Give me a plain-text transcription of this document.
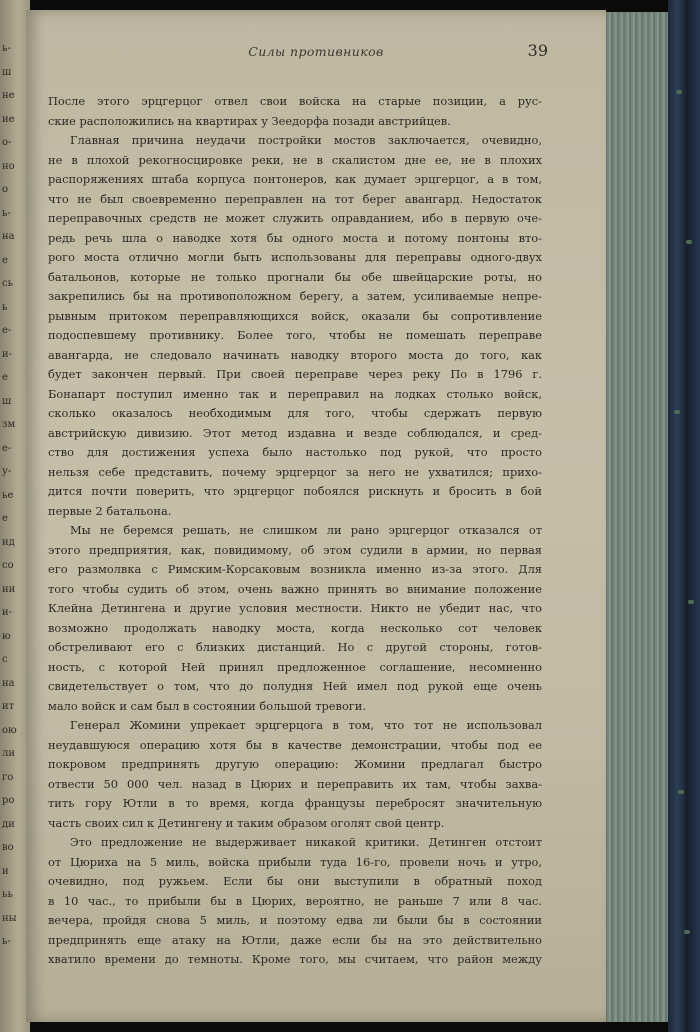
ь-
ш
не
ие
о-
но
о
ь-
на
е
сь
ь
е-
и-
е
ш
зм
е-
у-
ье
е
ид
со
ни
и-
ю
с
на
ит
ою
ли
го
ро
ди
во
и
ьь
ны
ь-
Силы противников	39
После этого эрцгерцог отвел свои войска на старые позиции, а рус-
ские расположились на квартирах у Зеедорфа позади австрийцев.
Главная причина неудачи постройки мостов заключается, очевидно,
не в плохой рекогносцировке реки, не в скалистом дне ее, не в плохих
распоряжениях штаба корпуса понтонеров, как думает эрцгерцог, а в том,
что не был своевременно переправлен на тот берег авангард. Недостаток
переправочных средств не может служить оправданием, ибо в первую оче-
редь речь шла о наводке хотя бы одного моста и потому понтоны вто-
рого моста отлично могли быть использованы для переправы одного-двух
батальонов, которые не только прогнали бы обе швейцарские роты, но
закрепились бы на противоположном берегу, а затем, усиливаемые непре-
рывным притоком переправляющихся войск, оказали бы сопротивление
подоспевшему противнику. Более того, чтобы не помешать переправе
авангарда, не следовало начинать наводку второго моста до того, как
будет закончен первый. При своей переправе через реку По в 1796 г.
Бонапарт поступил именно так и переправил на лодках столько войск,
сколько оказалось необходимым для того, чтобы сдержать первую
австрийскую дивизию. Этот метод издавна и везде соблюдался, и сред-
ство для достижения успеха было настолько под рукой, что просто
нельзя себе представить, почему эрцгерцог за него не ухватился; прихо-
дится почти поверить, что эрцгерцог побоялся рискнуть и бросить в бой
первые 2 батальона.
Мы не беремся решать, не слишком ли рано эрцгерцог отказался от
этого предприятия, как, повидимому, об этом судили в армии, но первая
его размолвка с Римским-Корсаковым возникла именно из-за этого. Для
того чтобы судить об этом, очень важно принять во внимание положение
Клейна Детингена и другие условия местности. Никто не убедит нас, что
возможно продолжать наводку моста, когда несколько сот человек
обстреливают его с близких дистанций. Но с другой стороны, готов-
ность, с которой Ней принял предложенное соглашение, несомненно
свидетельствует о том, что до полудня Ней имел под рукой еще очень
мало войск и сам был в состоянии большой тревоги.
Генерал Жомини упрекает эрцгерцога в том, что тот не использовал
неудавшуюся операцию хотя бы в качестве демонстрации, чтобы под ее
покровом предпринять другую операцию: Жомини предлагал быстро
отвести 50 000 чел. назад в Цюрих и переправить их там, чтобы захва-
тить гору Ютли в то время, когда французы перебросят значительную
часть своих сил к Детингену и таким образом оголят свой центр.
Это предложение не выдерживает никакой критики. Детинген отстоит
от Цюриха на 5 миль, войска прибыли туда 16-го, провели ночь и утро,
очевидно, под ружьем. Если бы они выступили в обратный поход
в 10 час., то прибыли бы в Цюрих, вероятно, не раньше 7 или 8 час.
вечера, пройдя снова 5 миль, и поэтому едва ли были бы в состоянии
предпринять еще атаку на Ютли, даже если бы на это действительно
хватило времени до темноты. Кроме того, мы считаем, что район между
